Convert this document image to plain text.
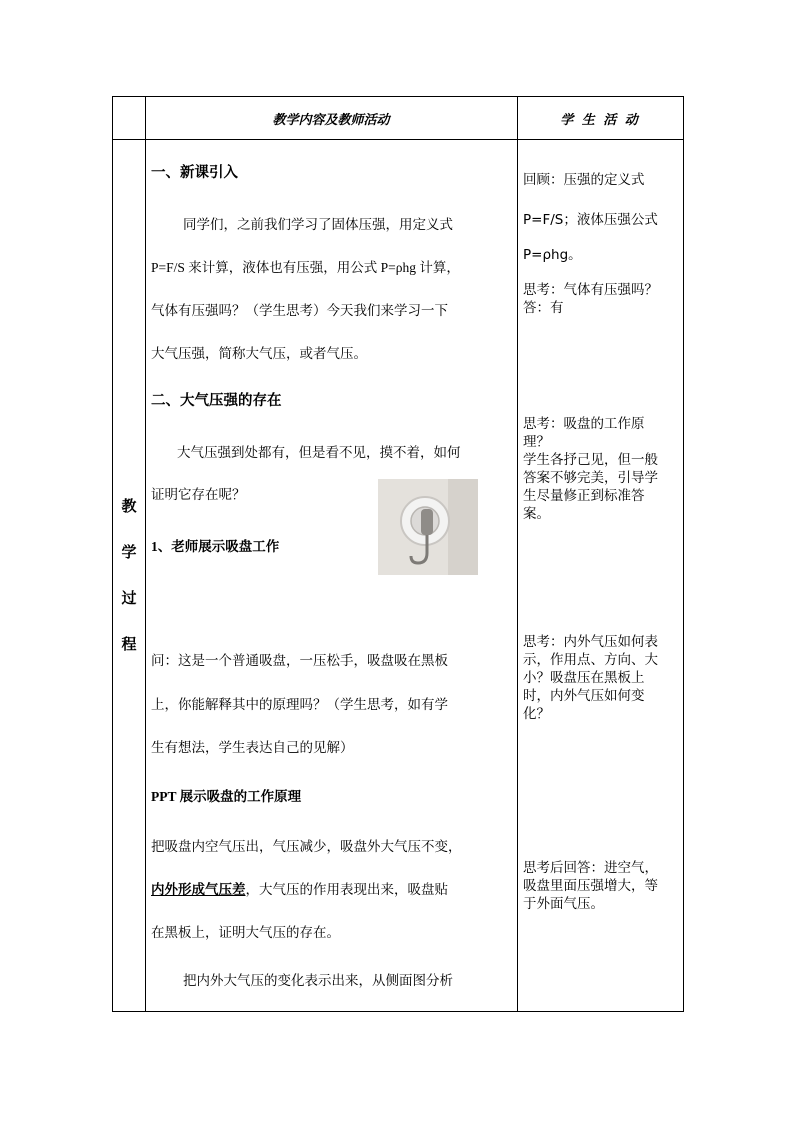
教学内容及教师活动	学 生 活 动
教
学
过
程

一、新课引入

同学们，之前我们学习了固体压强，用定义式

P=F/S 来计算，液体也有压强，用公式 P=ρhg 计算，

气体有压强吗？（学生思考）今天我们来学习一下

大气压强，简称大气压，或者气压。

二、大气压强的存在

大气压强到处都有，但是看不见，摸不着，如何

证明它存在呢？

1、老师展示吸盘工作

问：这是一个普通吸盘，一压松手，吸盘吸在黑板

上，你能解释其中的原理吗？（学生思考，如有学

生有想法，学生表达自己的见解）

PPT 展示吸盘的工作原理

把吸盘内空气压出，气压减少，吸盘外大气压不变，

内外形成气压差，大气压的作用表现出来，吸盘贴

在黑板上，证明大气压的存在。

把内外大气压的变化表示出来，从侧面图分析

回顾：压强的定义式

P=F/S；液体压强公式

P=ρhg。

思考：气体有压强吗？

答：有

思考：吸盘的工作原

理？

学生各抒己见，但一般

答案不够完美，引导学

生尽量修正到标准答

案。

思考：内外气压如何表

示，作用点、方向、大

小？吸盘压在黑板上

时，内外气压如何变

化？

思考后回答：进空气，

吸盘里面压强增大，等

于外面气压。
